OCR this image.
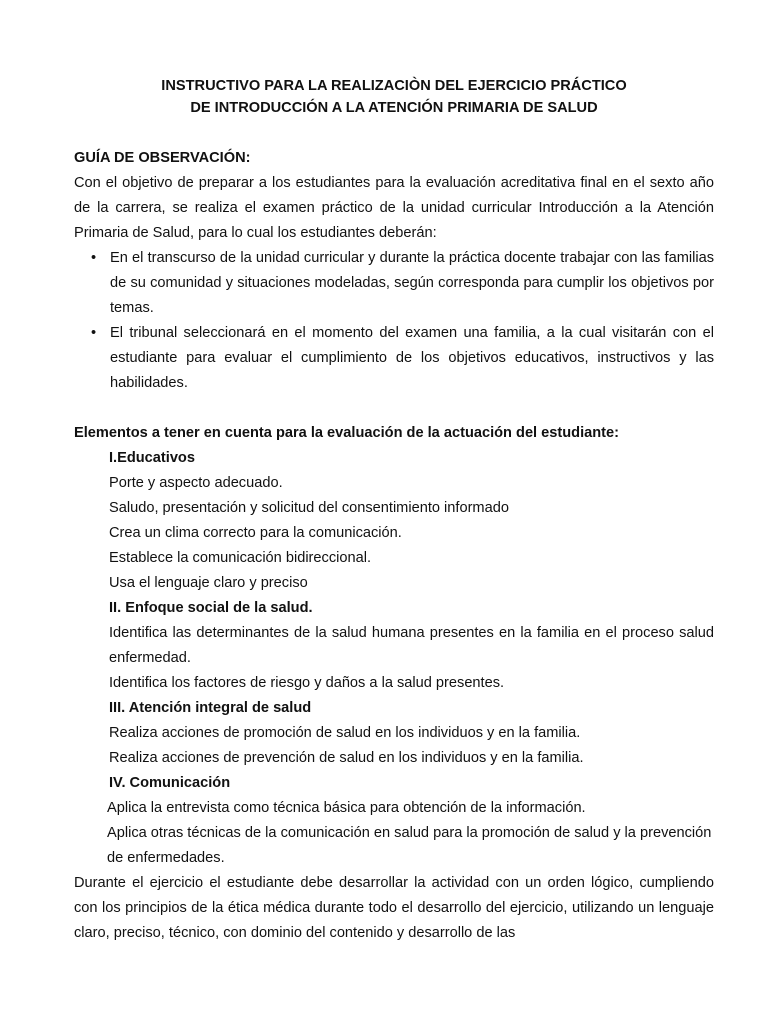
INSTRUCTIVO PARA LA REALIZACIÒN DEL EJERCICIO PRÁCTICO

DE INTRODUCCIÓN A LA ATENCIÓN PRIMARIA DE SALUD

GUÍA DE OBSERVACIÓN:

Con el objetivo de preparar a los estudiantes para la evaluación acreditativa final en el sexto año de la carrera, se realiza el examen práctico de la unidad curricular Introducción a la Atención Primaria de Salud, para lo cual los estudiantes deberán:

• En el transcurso de la unidad curricular y durante la práctica docente trabajar con las familias de su comunidad y situaciones modeladas, según corresponda para cumplir los objetivos por temas.
• El tribunal seleccionará en el momento del examen una familia, a la cual visitarán con el estudiante para evaluar el cumplimiento de los objetivos educativos, instructivos y las habilidades.

Elementos a tener en cuenta para la evaluación de la actuación del estudiante:

I.Educativos

Porte y aspecto adecuado.

Saludo, presentación y solicitud del consentimiento informado

Crea un clima correcto para la comunicación.

Establece la comunicación bidireccional.

Usa el lenguaje claro y preciso

II. Enfoque social de la salud.

Identifica las determinantes de la salud humana presentes en la familia en el proceso salud enfermedad.

Identifica los factores de riesgo y daños a la salud presentes.

III. Atención integral de salud

Realiza acciones de promoción de salud en los individuos y en la familia.

Realiza acciones de prevención de salud en los individuos y en la familia.

IV. Comunicación

Aplica la entrevista como técnica básica para obtención de la información.

Aplica otras técnicas de la comunicación en salud para la promoción de salud y la prevención de enfermedades.

Durante el ejercicio el estudiante debe desarrollar la actividad con un orden lógico, cumpliendo con los principios de la ética médica durante todo el desarrollo del ejercicio, utilizando un lenguaje claro, preciso, técnico, con dominio del contenido y desarrollo de las
